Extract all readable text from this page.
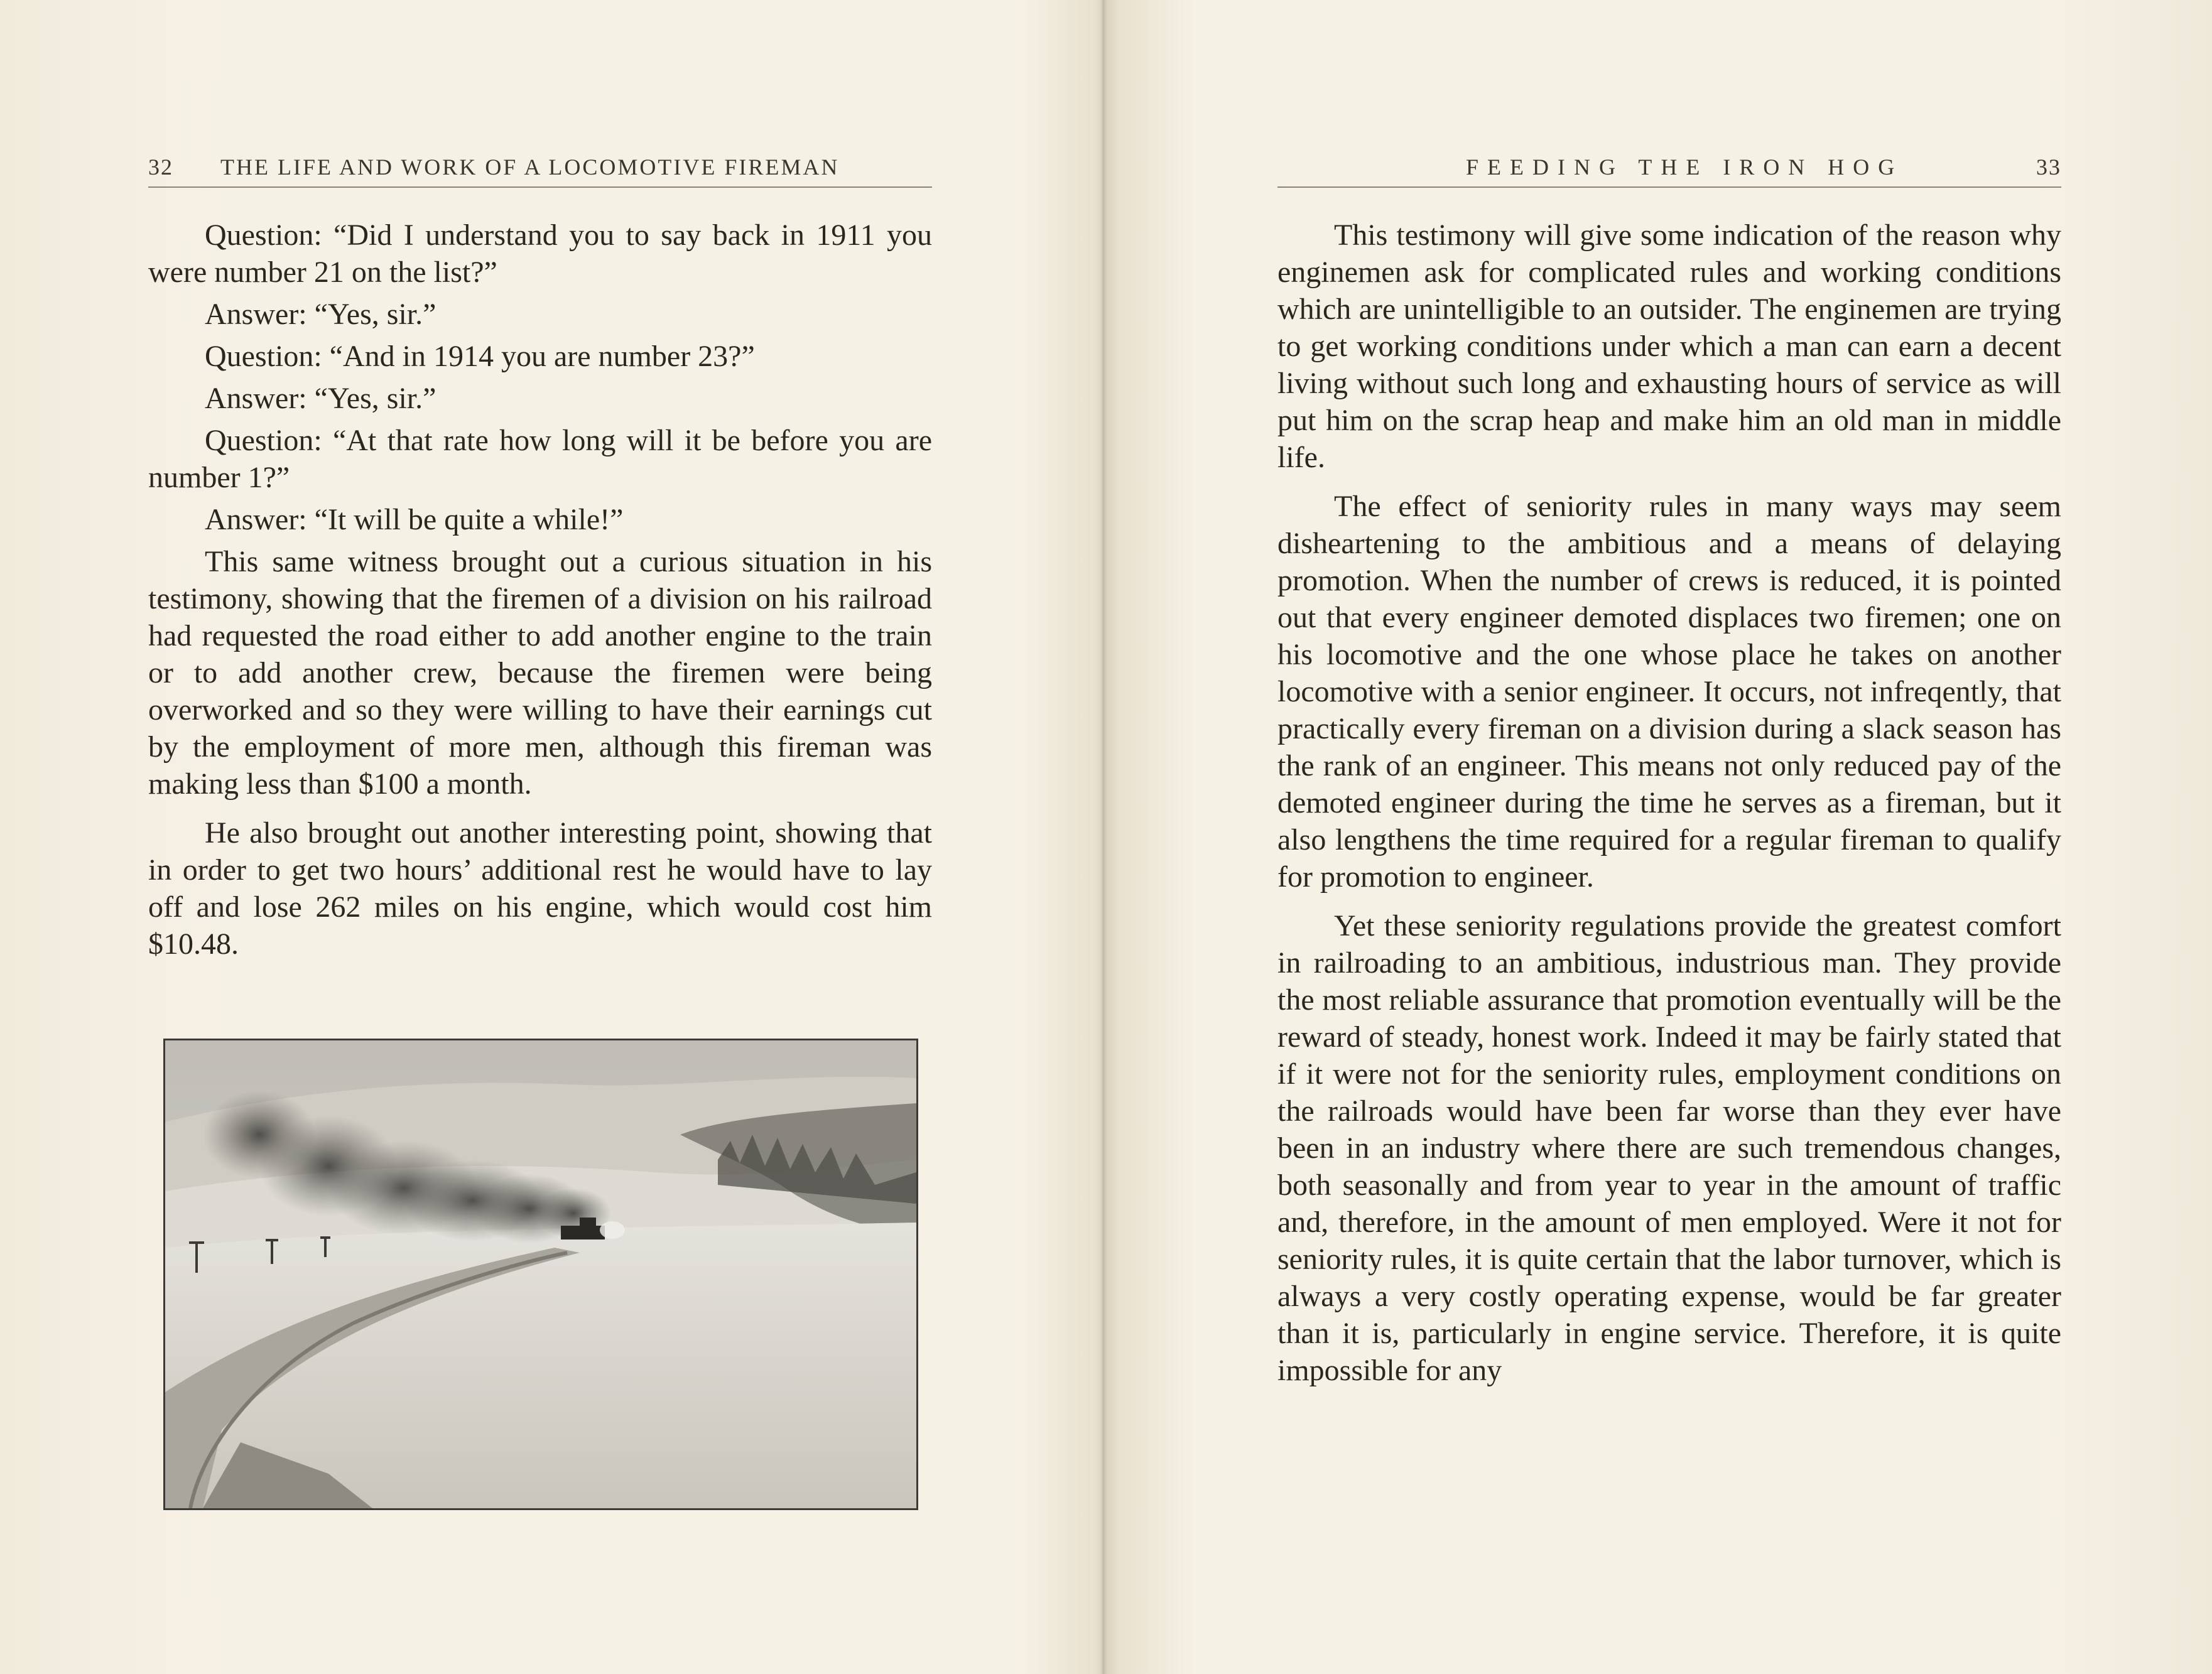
32 THE LIFE AND WORK OF A LOCOMOTIVE FIREMAN

Question: “Did I understand you to say back in 1911 you were number 21 on the list?”

Answer: “Yes, sir.”

Question: “And in 1914 you are number 23?”

Answer: “Yes, sir.”

Question: “At that rate how long will it be before you are number 1?”

Answer: “It will be quite a while!”

This same witness brought out a curious situation in his testimony, showing that the firemen of a division on his railroad had requested the road either to add another engine to the train or to add another crew, because the firemen were being overworked and so they were willing to have their earnings cut by the employment of more men, although this fireman was making less than $100 a month.

He also brought out another interesting point, showing that in order to get two hours’ additional rest he would have to lay off and lose 262 miles on his engine, which would cost him $10.48.

FEEDING THE IRON HOG	33

This testimony will give some indication of the reason why enginemen ask for complicated rules and working conditions which are unintelligible to an outsider. The enginemen are trying to get working conditions under which a man can earn a decent living without such long and exhausting hours of service as will put him on the scrap heap and make him an old man in middle life.

The effect of seniority rules in many ways may seem disheartening to the ambitious and a means of delaying promotion. When the number of crews is reduced, it is pointed out that every engineer demoted displaces two firemen; one on his locomotive and the one whose place he takes on another locomotive with a senior engineer. It occurs, not infreqently, that practically every fireman on a division during a slack season has the rank of an engineer. This means not only reduced pay of the demoted engineer during the time he serves as a fireman, but it also lengthens the time required for a regular fireman to qualify for promotion to engineer.

Yet these seniority regulations provide the greatest comfort in railroading to an ambitious, industrious man. They provide the most reliable assurance that promotion eventually will be the reward of steady, honest work. Indeed it may be fairly stated that if it were not for the seniority rules, employment conditions on the railroads would have been far worse than they ever have been in an industry where there are such tremendous changes, both seasonally and from year to year in the amount of traffic and, therefore, in the amount of men employed. Were it not for seniority rules, it is quite certain that the labor turnover, which is always a very costly operating expense, would be far greater than it is, particularly in engine service. Therefore, it is quite impossible for any
